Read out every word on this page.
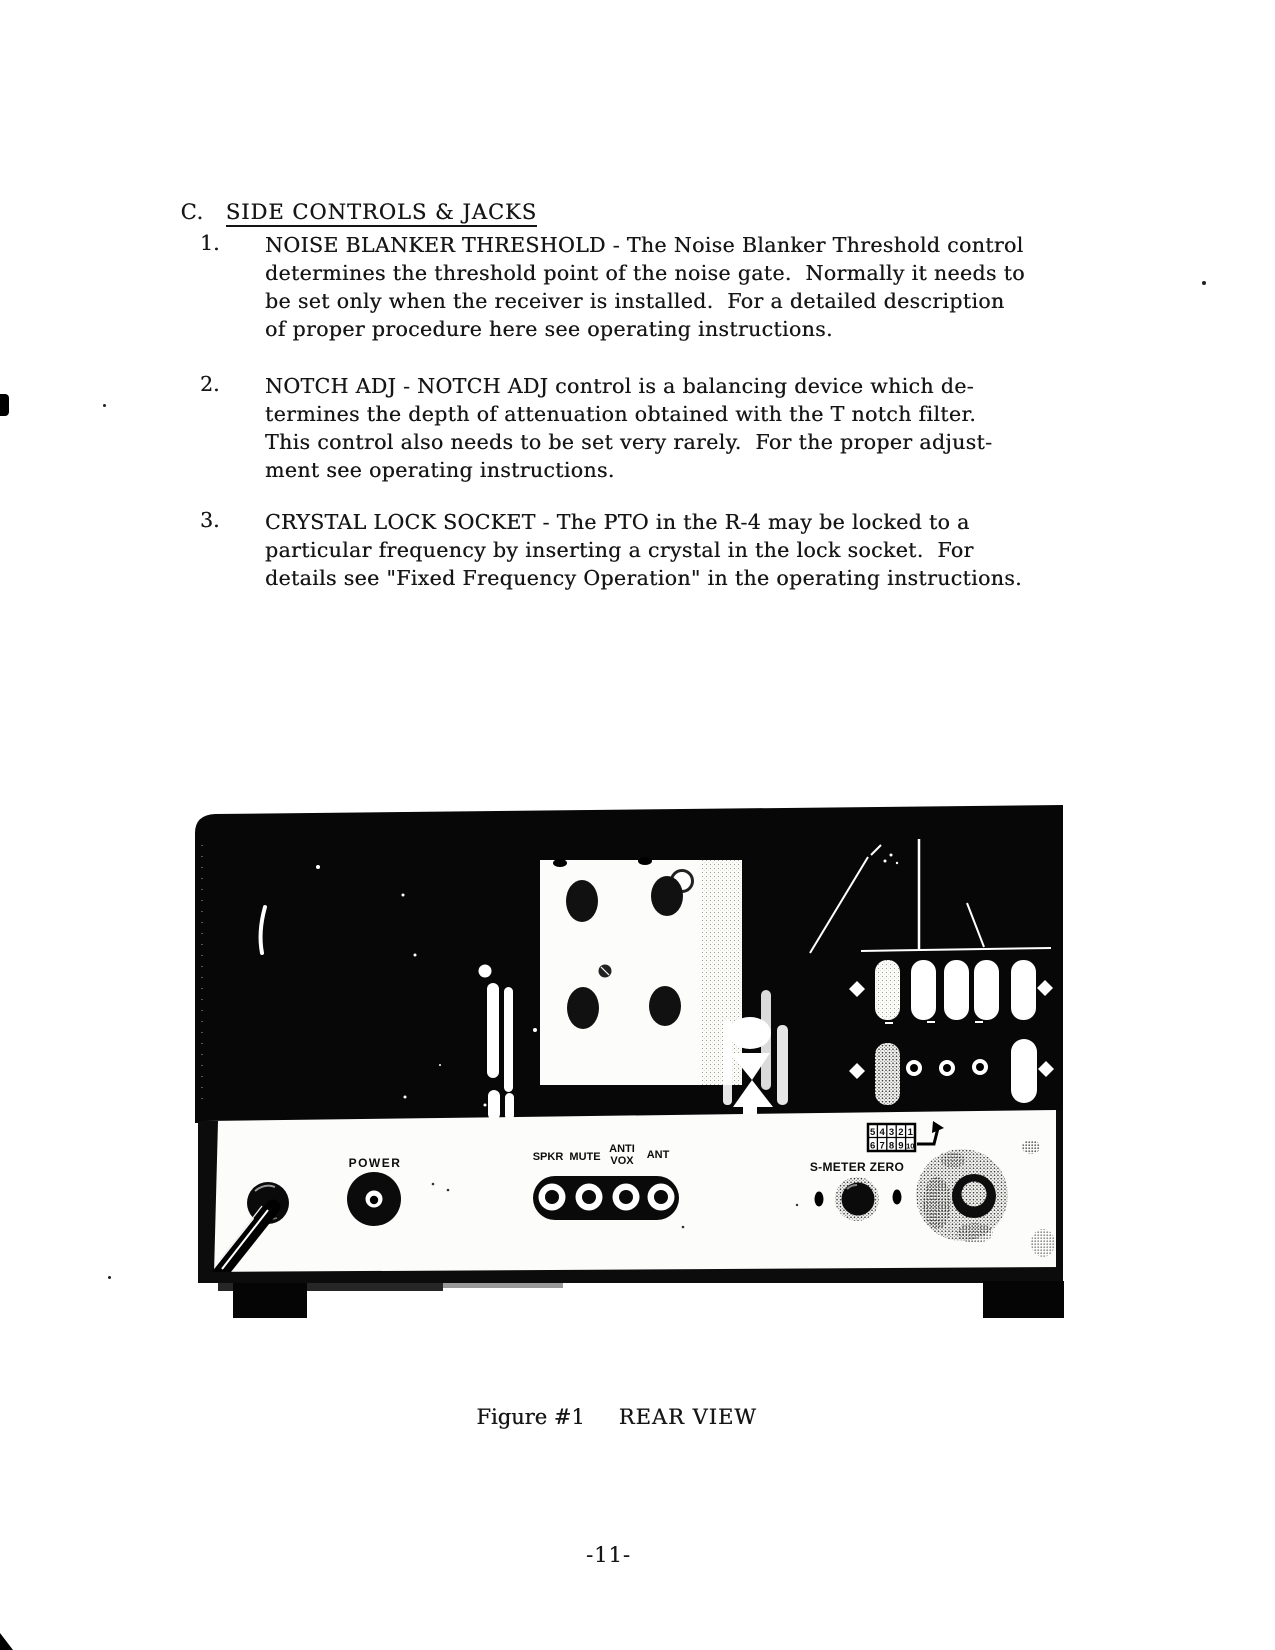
C. SIDE CONTROLS & JACKS

1. NOISE BLANKER THRESHOLD - The Noise Blanker Threshold control
determines the threshold point of the noise gate.  Normally it needs to
be set only when the receiver is installed.  For a detailed description
of proper procedure here see operating instructions.
2. NOTCH ADJ - NOTCH ADJ control is a balancing device which de-
termines the depth of attenuation obtained with the T notch filter.
This control also needs to be set very rarely.  For the proper adjust-
ment see operating instructions.
3. CRYSTAL LOCK SOCKET - The PTO in the R-4 may be locked to a
particular frequency by inserting a crystal in the lock socket.  For
details see "Fixed Frequency Operation" in the operating instructions.
POWER	SPKR MUTE
ANTI
VOX ANT
5 4 3 2 1
6 7 8 9 10
S-METER ZERO

Figure #1 REAR VIEW

-11-
